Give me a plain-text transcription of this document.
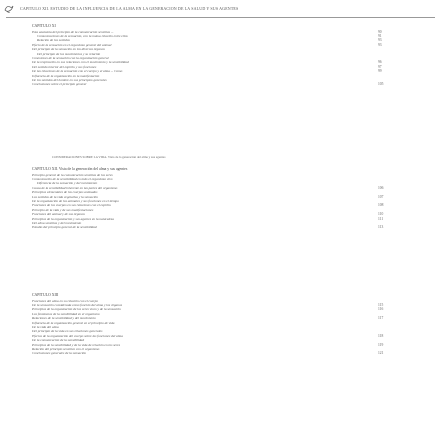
CAPITULO XII. ESTUDIO DE LA INFLUENCIA DE LA ALMA EN LA GENERACION DE LA SALUD Y SUS AGENTES
CAPITULO XI
Esta anatomía del principio de la comunicación sensitiva ...	90
Comunicaciones de la sensación, con la mutua relación entre ellos	91
Relación de los sentidos	93
Efecto de la sensación en el organismo general del animal	93
Del principio de la sensación en los diversos órganos
Del principio de los movimientos y su relación
Conexiones de la sensación con la organización general
De la respiración en sus relaciones con el movimiento y la sensibilidad	96
Del sentido interior del espíritu y sus funciones	97
De las relaciones de la sensación con el cuerpo y el alma ... Como	99
Influencia de la organización en la manifestación
De los sentidos del hombre en sus principios generales
Conclusiones sobre el principio general	105
CONSIDERACIONES SOBRE LA VIDA. Vista de la generación del alma y sus agentes
CAPITULO XII. Vista de la generación del alma y sus agentes
Principio general de la comunicación sensitiva de los seres
Comunicación de la sensibilidad en todo el organismo vivo
Diferencia de la sensación y del movimiento
Causa de la sensibilidad inherente en las partes del organismo	106
Principios elementales de los cuerpos animados
Los sentidos de la vida vegetativa y la sensación	107
De la organización de los animales y sus funciones en el tiempo
Funciones de los cuerpos en sus relaciones con el espíritu	108
Principio de la vida y de sus manifestaciones
Funciones del animal y de sus órganos	110
Principios de la organización y sus agentes en la naturaleza	111
Del alma sensitiva y del movimiento
Estudio del principio general de la sensibilidad	113
CAPITULO XIII
Funciones del alma en su relación con el cuerpo
De la sensación considerada como función del alma y los órganos	115
Principios de la organización de los seres vivos y de la sensación	116
Los fenómenos de la sensibilidad en el organismo
Relaciones de la sensibilidad y del movimiento	117
Influencia de la organización general en el principio de vida
De la vida del alma
Del principio de la vida en sus relaciones generales
Efectos de la organización del cuerpo sobre las funciones del alma	118
De la comunicación de la sensibilidad
Principios de la sensibilidad y de la vida de relación en los seres	119
Relación del principio sensitivo con el organismo
Conclusiones generales de la sensación	121
